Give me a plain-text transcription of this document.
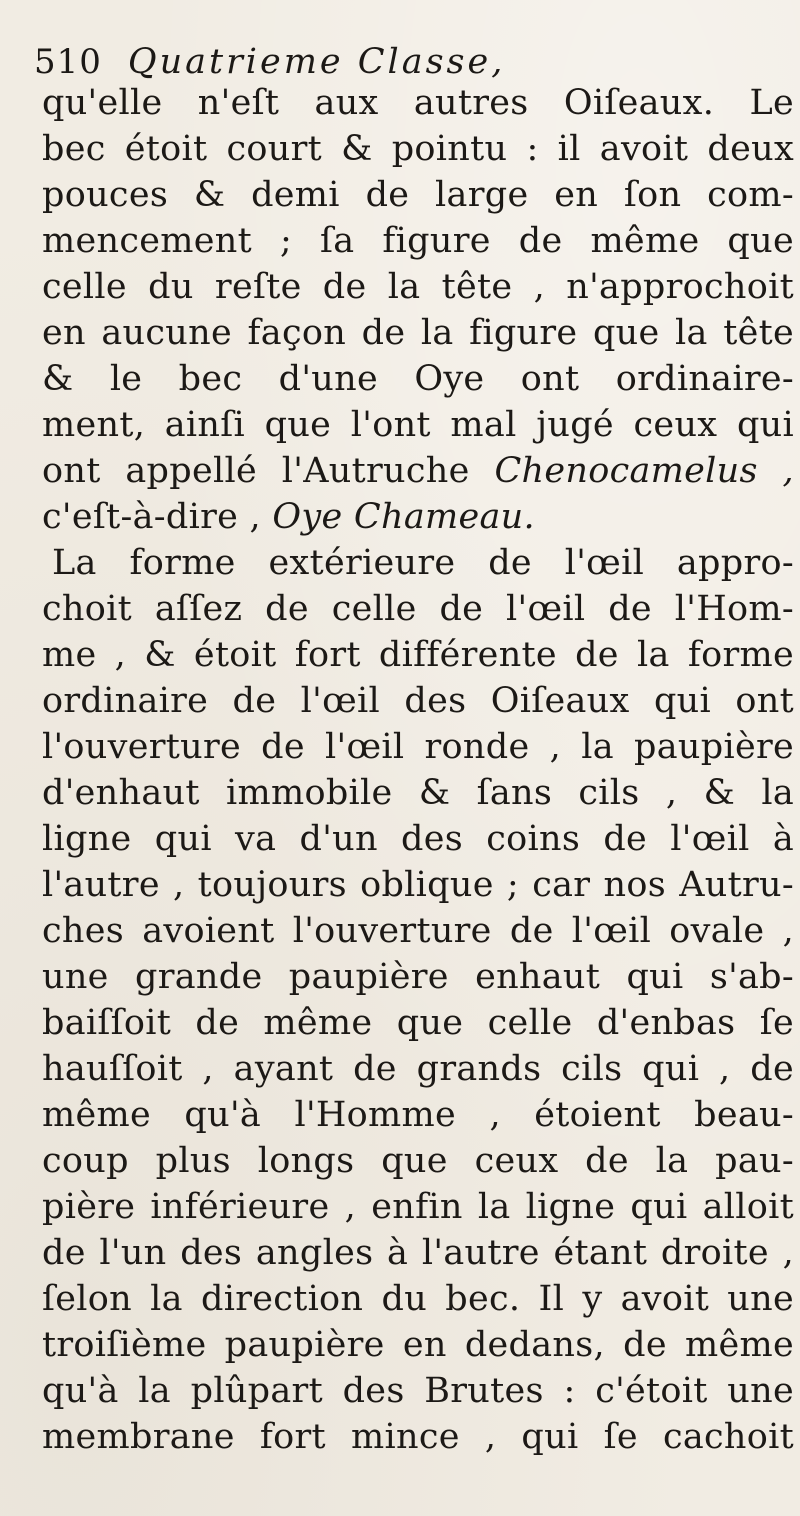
510 Quatrieme Classe,
qu'elle n'eſt aux autres Oiſeaux. Le
bec étoit court & pointu : il avoit deux
pouces & demi de large en ſon com-
mencement ; ſa figure de même que
celle du reſte de la tête , n'approchoit
en aucune façon de la figure que la tête
& le bec d'une Oye ont ordinaire-
ment, ainſi que l'ont mal jugé ceux qui
ont appellé l'Autruche Chenocamelus ,
c'eſt-à-dire , Oye Chameau.
La forme extérieure de l'œil appro-
choit aſſez de celle de l'œil de l'Hom-
me , & étoit fort différente de la forme
ordinaire de l'œil des Oiſeaux qui ont
l'ouverture de l'œil ronde , la paupière
d'enhaut immobile & ſans cils , & la
ligne qui va d'un des coins de l'œil à
l'autre , toujours oblique ; car nos Autru-
ches avoient l'ouverture de l'œil ovale ,
une grande paupière enhaut qui s'ab-
baiſſoit de même que celle d'enbas ſe
hauſſoit , ayant de grands cils qui , de
même qu'à l'Homme , étoient beau-
coup plus longs que ceux de la pau-
pière inférieure , enfin la ligne qui alloit
de l'un des angles à l'autre étant droite ,
ſelon la direction du bec. Il y avoit une
troiſième paupière en dedans, de même
qu'à la plûpart des Brutes : c'étoit une
membrane fort mince , qui ſe cachoit
